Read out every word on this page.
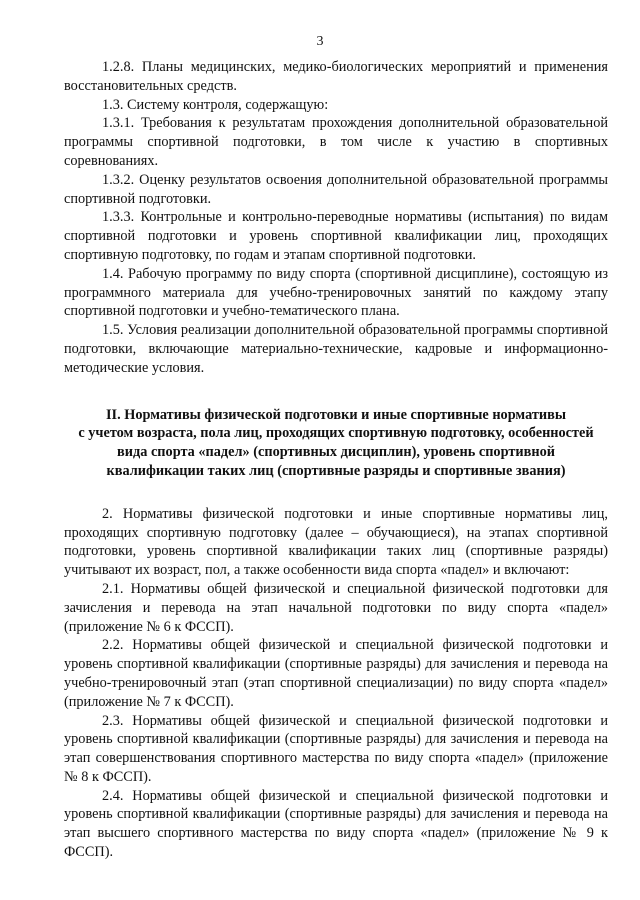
3

1.2.8. Планы медицинских, медико-биологических мероприятий и применения восстановительных средств.

1.3. Систему контроля, содержащую:

1.3.1. Требования к результатам прохождения дополнительной образовательной программы спортивной подготовки, в том числе к участию в спортивных соревнованиях.

1.3.2. Оценку результатов освоения дополнительной образовательной программы спортивной подготовки.

1.3.3. Контрольные и контрольно-переводные нормативы (испытания) по видам спортивной подготовки и уровень спортивной квалификации лиц, проходящих спортивную подготовку, по годам и этапам спортивной подготовки.

1.4. Рабочую программу по виду спорта (спортивной дисциплине), состоящую из программного материала для учебно-тренировочных занятий по каждому этапу спортивной подготовки и учебно-тематического плана.

1.5. Условия реализации дополнительной образовательной программы спортивной подготовки, включающие материально-технические, кадровые и информационно-методические условия.

II. Нормативы физической подготовки и иные спортивные нормативы
с учетом возраста, пола лиц, проходящих спортивную подготовку, особенностей
вида спорта «падел» (спортивных дисциплин), уровень спортивной
квалификации таких лиц (спортивные разряды и спортивные звания)

2. Нормативы физической подготовки и иные спортивные нормативы лиц, проходящих спортивную подготовку (далее – обучающиеся), на этапах спортивной подготовки, уровень спортивной квалификации таких лиц (спортивные разряды) учитывают их возраст, пол, а также особенности вида спорта «падел» и включают:

2.1. Нормативы общей физической и специальной физической подготовки для зачисления и перевода на этап начальной подготовки по виду спорта «падел» (приложение № 6 к ФССП).

2.2. Нормативы общей физической и специальной физической подготовки и уровень спортивной квалификации (спортивные разряды) для зачисления и перевода на учебно-тренировочный этап (этап спортивной специализации) по виду спорта «падел» (приложение № 7 к ФССП).

2.3. Нормативы общей физической и специальной физической подготовки и уровень спортивной квалификации (спортивные разряды) для зачисления и перевода на этап совершенствования спортивного мастерства по виду спорта «падел» (приложение № 8 к ФССП).

2.4. Нормативы общей физической и специальной физической подготовки и уровень спортивной квалификации (спортивные разряды) для зачисления и перевода на этап высшего спортивного мастерства по виду спорта «падел» (приложение № 9 к ФССП).
